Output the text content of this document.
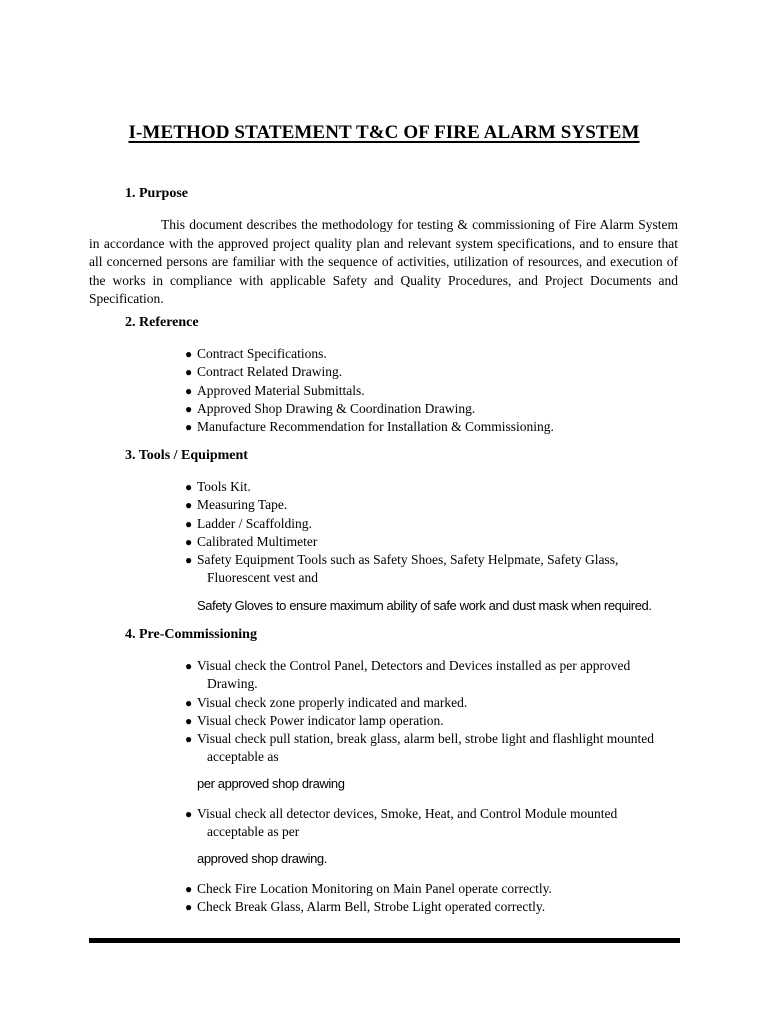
I-METHOD STATEMENT T&C OF FIRE ALARM SYSTEM
1. Purpose
This document describes the methodology for testing & commissioning of Fire Alarm System in accordance with the approved project quality plan and relevant system specifications, and to ensure that all concerned persons are familiar with the sequence of activities, utilization of resources, and execution of the works in compliance with applicable Safety and Quality Procedures, and Project Documents and Specification.
2. Reference
● Contract Specifications.
● Contract Related Drawing.
● Approved Material Submittals.
● Approved Shop Drawing & Coordination Drawing.
● Manufacture Recommendation for Installation & Commissioning.
3. Tools / Equipment
● Tools Kit.
● Measuring Tape.
● Ladder / Scaffolding.
● Calibrated Multimeter
● Safety Equipment Tools such as Safety Shoes, Safety Helpmate, Safety Glass,
Fluorescent vest and
Safety Gloves to ensure maximum ability of safe work and dust mask when required.
4. Pre-Commissioning
● Visual check the Control Panel, Detectors and Devices installed as per approved
Drawing.
● Visual check zone properly indicated and marked.
● Visual check Power indicator lamp operation.
● Visual check pull station, break glass, alarm bell, strobe light and flashlight mounted
acceptable as
per approved shop drawing
● Visual check all detector devices, Smoke, Heat, and Control Module mounted
acceptable as per
approved shop drawing.
● Check Fire Location Monitoring on Main Panel operate correctly.
● Check Break Glass, Alarm Bell, Strobe Light operated correctly.
